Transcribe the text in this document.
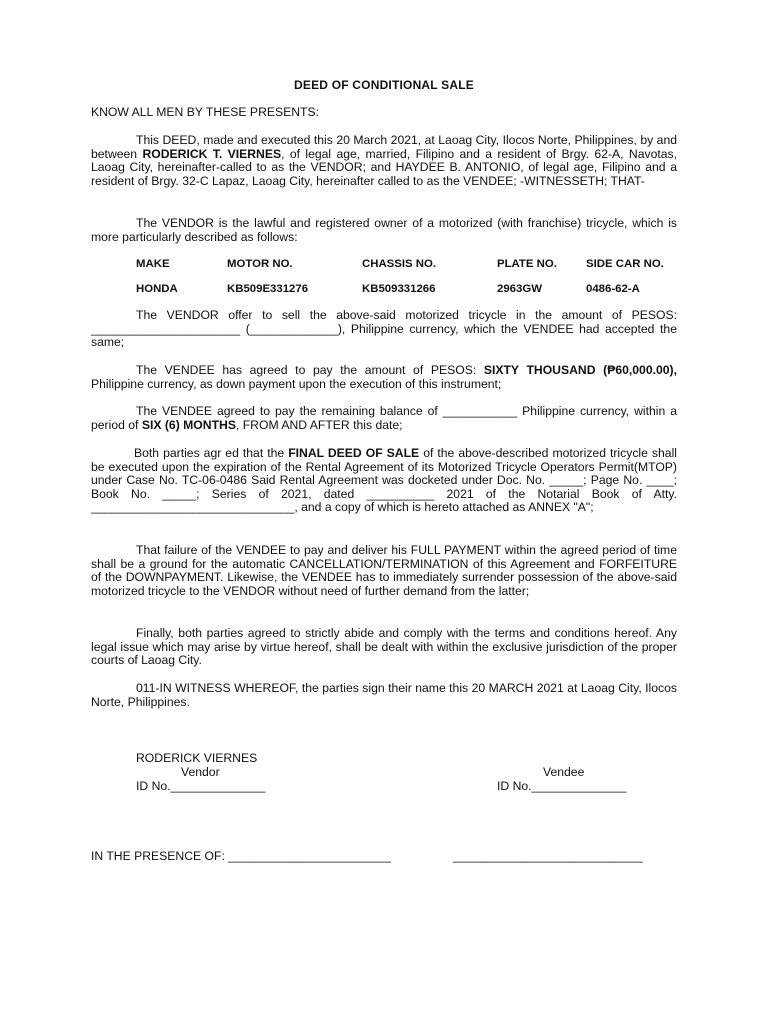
DEED OF CONDITIONAL SALE
KNOW ALL MEN BY THESE PRESENTS:
This DEED, made and executed this 20 March 2021, at Laoag City, Ilocos Norte, Philippines, by and between RODERICK T. VIERNES, of legal age, married, Filipino and a resident of Brgy. 62-A, Navotas, Laoag City, hereinafter-called to as the VENDOR; and HAYDEE B. ANTONIO, of legal age, Filipino and a resident of Brgy. 32-C Lapaz, Laoag City, hereinafter called to as the VENDEE; -WITNESSETH; THAT-
The VENDOR is the lawful and registered owner of a motorized (with franchise) tricycle, which is more particularly described as follows:
MAKE	MOTOR NO.	CHASSIS NO.	PLATE NO.	SIDE CAR NO.
HONDA	KB509E331276	KB509331266	2963GW	0486-62-A
The VENDOR offer to sell the above-said motorized tricycle in the amount of PESOS: ______________________ (_____________), Philippine currency, which the VENDEE had accepted the same;
The VENDEE has agreed to pay the amount of PESOS: SIXTY THOUSAND (₱60,000.00), Philippine currency, as down payment upon the execution of this instrument;
The VENDEE agreed to pay the remaining balance of ___________ Philippine currency, within a period of SIX (6) MONTHS, FROM AND AFTER this date;
Both parties agr ed that the FINAL DEED OF SALE of the above-described motorized tricycle shall be executed upon the expiration of the Rental Agreement of its Motorized Tricycle Operators Permit(MTOP) under Case No. TC-06-0486 Said Rental Agreement was docketed under Doc. No. _____; Page No. ____; Book No. _____; Series of 2021, dated __________ 2021 of the Notarial Book of Atty. ______________________________, and a copy of which is hereto attached as ANNEX "A";
That failure of the VENDEE to pay and deliver his FULL PAYMENT within the agreed period of time shall be a ground for the automatic CANCELLATION/TERMINATION of this Agreement and FORFEITURE of the DOWNPAYMENT. Likewise, the VENDEE has to immediately surrender possession of the above-said motorized tricycle to the VENDOR without need of further demand from the latter;
Finally, both parties agreed to strictly abide and comply with the terms and conditions hereof. Any legal issue which may arise by virtue hereof, shall be dealt with within the exclusive jurisdiction of the proper courts of Laoag City.
011-IN WITNESS WHEREOF, the parties sign their name this 20 MARCH 2021 at Laoag City, Ilocos Norte, Philippines.
RODERICK VIERNES
Vendor
ID No.______________
Vendee
ID No.______________
IN THE PRESENCE OF: ________________________	____________________________
